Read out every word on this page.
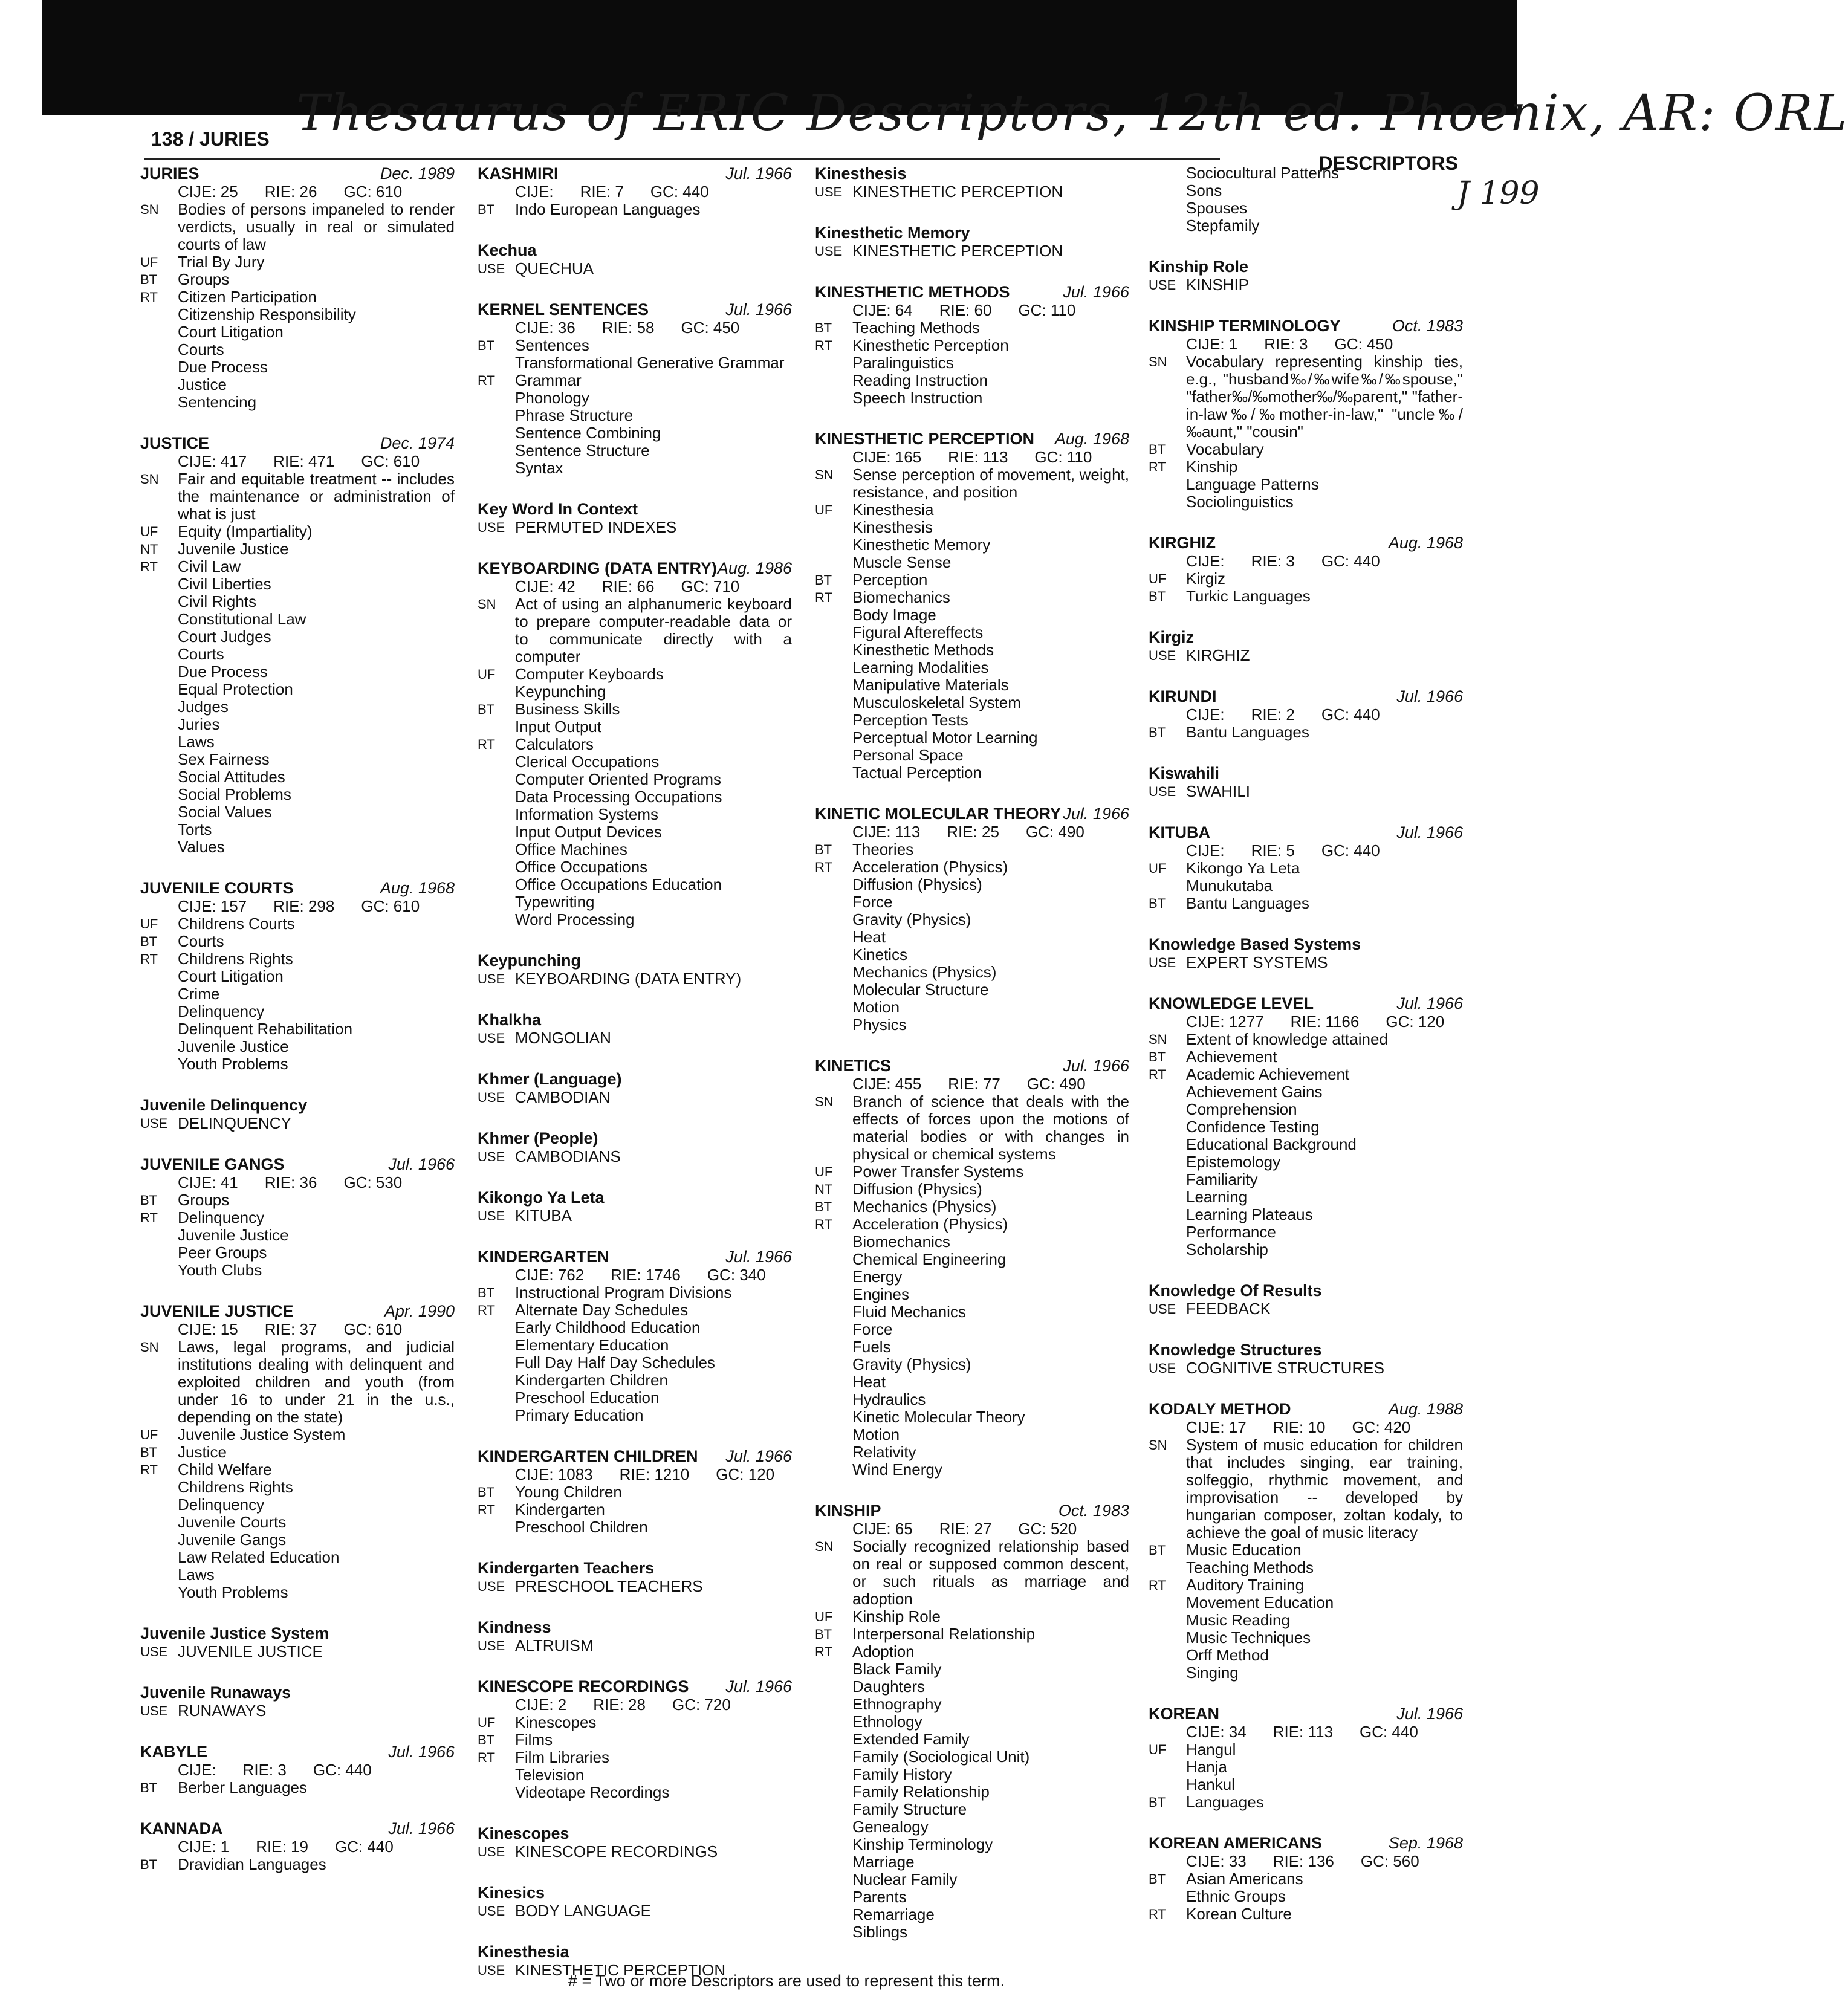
Thesaurus of ERIC Descriptors, 12th ed. Phoenix, AR: ORL
J 199
138 / JURIES
DESCRIPTORS
JURIES	Dec. 1989
CIJE: 25 RIE: 26 GC: 610
SN	Bodies of persons impaneled to render verdicts, usually in real or simulated courts of law
UF	Trial By Jury
BT	Groups
RT	Citizen Participation
Citizenship Responsibility
Court Litigation
Courts
Due Process
Justice
Sentencing
JUSTICE	Dec. 1974
CIJE: 417 RIE: 471 GC: 610
SN	Fair and equitable treatment -- includes the maintenance or administration of what is just
UF	Equity (Impartiality)
NT	Juvenile Justice
RT	Civil Law
Civil Liberties
Civil Rights
Constitutional Law
Court Judges
Courts
Due Process
Equal Protection
Judges
Juries
Laws
Sex Fairness
Social Attitudes
Social Problems
Social Values
Torts
Values
JUVENILE COURTS	Aug. 1968
CIJE: 157 RIE: 298 GC: 610
UF	Childrens Courts
BT	Courts
RT	Childrens Rights
Court Litigation
Crime
Delinquency
Delinquent Rehabilitation
Juvenile Justice
Youth Problems
Juvenile Delinquency
USE DELINQUENCY
JUVENILE GANGS	Jul. 1966
CIJE: 41 RIE: 36 GC: 530
BT	Groups
RT	Delinquency
Juvenile Justice
Peer Groups
Youth Clubs
JUVENILE JUSTICE	Apr. 1990
CIJE: 15 RIE: 37 GC: 610
SN	Laws, legal programs, and judicial institutions dealing with delinquent and exploited children and youth (from under 16 to under 21 in the u.s., depending on the state)
UF	Juvenile Justice System
BT	Justice
RT	Child Welfare
Childrens Rights
Delinquency
Juvenile Courts
Juvenile Gangs
Law Related Education
Laws
Youth Problems
Juvenile Justice System
USE JUVENILE JUSTICE
Juvenile Runaways
USE RUNAWAYS
KABYLE	Jul. 1966
CIJE: RIE: 3 GC: 440
BT	Berber Languages
KANNADA	Jul. 1966
CIJE: 1 RIE: 19 GC: 440
BT	Dravidian Languages
KASHMIRI	Jul. 1966
CIJE: RIE: 7 GC: 440
BT	Indo European Languages
Kechua
USE QUECHUA
KERNEL SENTENCES	Jul. 1966
CIJE: 36 RIE: 58 GC: 450
BT	Sentences
Transformational Generative Grammar
RT	Grammar
Phonology
Phrase Structure
Sentence Combining
Sentence Structure
Syntax
Key Word In Context
USE PERMUTED INDEXES
KEYBOARDING (DATA ENTRY) Aug. 1986
CIJE: 42 RIE: 66 GC: 710
SN	Act of using an alphanumeric keyboard to prepare computer-readable data or to communicate directly with a computer
UF	Computer Keyboards
Keypunching
BT	Business Skills
Input Output
RT	Calculators
Clerical Occupations
Computer Oriented Programs
Data Processing Occupations
Information Systems
Input Output Devices
Office Machines
Office Occupations
Office Occupations Education
Typewriting
Word Processing
Keypunching
USE KEYBOARDING (DATA ENTRY)
Khalkha
USE MONGOLIAN
Khmer (Language)
USE CAMBODIAN
Khmer (People)
USE CAMBODIANS
Kikongo Ya Leta
USE KITUBA
KINDERGARTEN	Jul. 1966
CIJE: 762 RIE: 1746 GC: 340
BT	Instructional Program Divisions
RT	Alternate Day Schedules
Early Childhood Education
Elementary Education
Full Day Half Day Schedules
Kindergarten Children
Preschool Education
Primary Education
KINDERGARTEN CHILDREN Jul. 1966
CIJE: 1083 RIE: 1210 GC: 120
BT	Young Children
RT	Kindergarten
Preschool Children
Kindergarten Teachers
USE PRESCHOOL TEACHERS
Kindness
USE ALTRUISM
KINESCOPE RECORDINGS Jul. 1966
CIJE: 2 RIE: 28 GC: 720
UF	Kinescopes
BT	Films
RT	Film Libraries
Television
Videotape Recordings
Kinescopes
USE KINESCOPE RECORDINGS
Kinesics
USE BODY LANGUAGE
Kinesthesia
USE KINESTHETIC PERCEPTION
Kinesthesis
USE KINESTHETIC PERCEPTION
Kinesthetic Memory
USE KINESTHETIC PERCEPTION
KINESTHETIC METHODS	Jul. 1966
CIJE: 64 RIE: 60 GC: 110
BT	Teaching Methods
RT	Kinesthetic Perception
Paralinguistics
Reading Instruction
Speech Instruction
KINESTHETIC PERCEPTION Aug. 1968
CIJE: 165 RIE: 113 GC: 110
SN	Sense perception of movement, weight, resistance, and position
UF	Kinesthesia
Kinesthesis
Kinesthetic Memory
Muscle Sense
BT	Perception
RT	Biomechanics
Body Image
Figural Aftereffects
Kinesthetic Methods
Learning Modalities
Manipulative Materials
Musculoskeletal System
Perception Tests
Perceptual Motor Learning
Personal Space
Tactual Perception
KINETIC MOLECULAR THEORY Jul. 1966
CIJE: 113 RIE: 25 GC: 490
BT	Theories
RT	Acceleration (Physics)
Diffusion (Physics)
Force
Gravity (Physics)
Heat
Kinetics
Mechanics (Physics)
Molecular Structure
Motion
Physics
KINETICS	Jul. 1966
CIJE: 455 RIE: 77 GC: 490
SN	Branch of science that deals with the effects of forces upon the motions of material bodies or with changes in physical or chemical systems
UF	Power Transfer Systems
NT	Diffusion (Physics)
BT	Mechanics (Physics)
RT	Acceleration (Physics)
Biomechanics
Chemical Engineering
Energy
Engines
Fluid Mechanics
Force
Fuels
Gravity (Physics)
Heat
Hydraulics
Kinetic Molecular Theory
Motion
Relativity
Wind Energy
KINSHIP	Oct. 1983
CIJE: 65 RIE: 27 GC: 520
SN	Socially recognized relationship based on real or supposed common descent, or such rituals as marriage and adoption
UF	Kinship Role
BT	Interpersonal Relationship
RT	Adoption
Black Family
Daughters
Ethnography
Ethnology
Extended Family
Family (Sociological Unit)
Family History
Family Relationship
Family Structure
Genealogy
Kinship Terminology
Marriage
Nuclear Family
Parents
Remarriage
Siblings
Sociocultural Patterns
Sons
Spouses
Stepfamily
Kinship Role
USE KINSHIP
KINSHIP TERMINOLOGY	Oct. 1983
CIJE: 1 RIE: 3 GC: 450
SN	Vocabulary representing kinship ties, e.g., "husband‰/‰wife‰/‰spouse," "father‰/‰mother‰/‰parent," "father-in-law‰/‰mother-in-law," "uncle‰/‰aunt," "cousin"
BT	Vocabulary
RT	Kinship
Language Patterns
Sociolinguistics
KIRGHIZ	Aug. 1968
CIJE: RIE: 3 GC: 440
UF	Kirgiz
BT	Turkic Languages
Kirgiz
USE KIRGHIZ
KIRUNDI	Jul. 1966
CIJE: RIE: 2 GC: 440
BT	Bantu Languages
Kiswahili
USE SWAHILI
KITUBA	Jul. 1966
CIJE: RIE: 5 GC: 440
UF	Kikongo Ya Leta
Munukutaba
BT	Bantu Languages
Knowledge Based Systems
USE EXPERT SYSTEMS
KNOWLEDGE LEVEL	Jul. 1966
CIJE: 1277 RIE: 1166 GC: 120
SN	Extent of knowledge attained
BT	Achievement
RT	Academic Achievement
Achievement Gains
Comprehension
Confidence Testing
Educational Background
Epistemology
Familiarity
Learning
Learning Plateaus
Performance
Scholarship
Knowledge Of Results
USE FEEDBACK
Knowledge Structures
USE COGNITIVE STRUCTURES
KODALY METHOD	Aug. 1988
CIJE: 17 RIE: 10 GC: 420
SN	System of music education for children that includes singing, ear training, solfeggio, rhythmic movement, and improvisation -- developed by hungarian composer, zoltan kodaly, to achieve the goal of music literacy
BT	Music Education
Teaching Methods
RT	Auditory Training
Movement Education
Music Reading
Music Techniques
Orff Method
Singing
KOREAN	Jul. 1966
CIJE: 34 RIE: 113 GC: 440
UF	Hangul
Hanja
Hankul
BT	Languages
KOREAN AMERICANS	Sep. 1968
CIJE: 33 RIE: 136 GC: 560
BT	Asian Americans
Ethnic Groups
RT	Korean Culture
# = Two or more Descriptors are used to represent this term.
